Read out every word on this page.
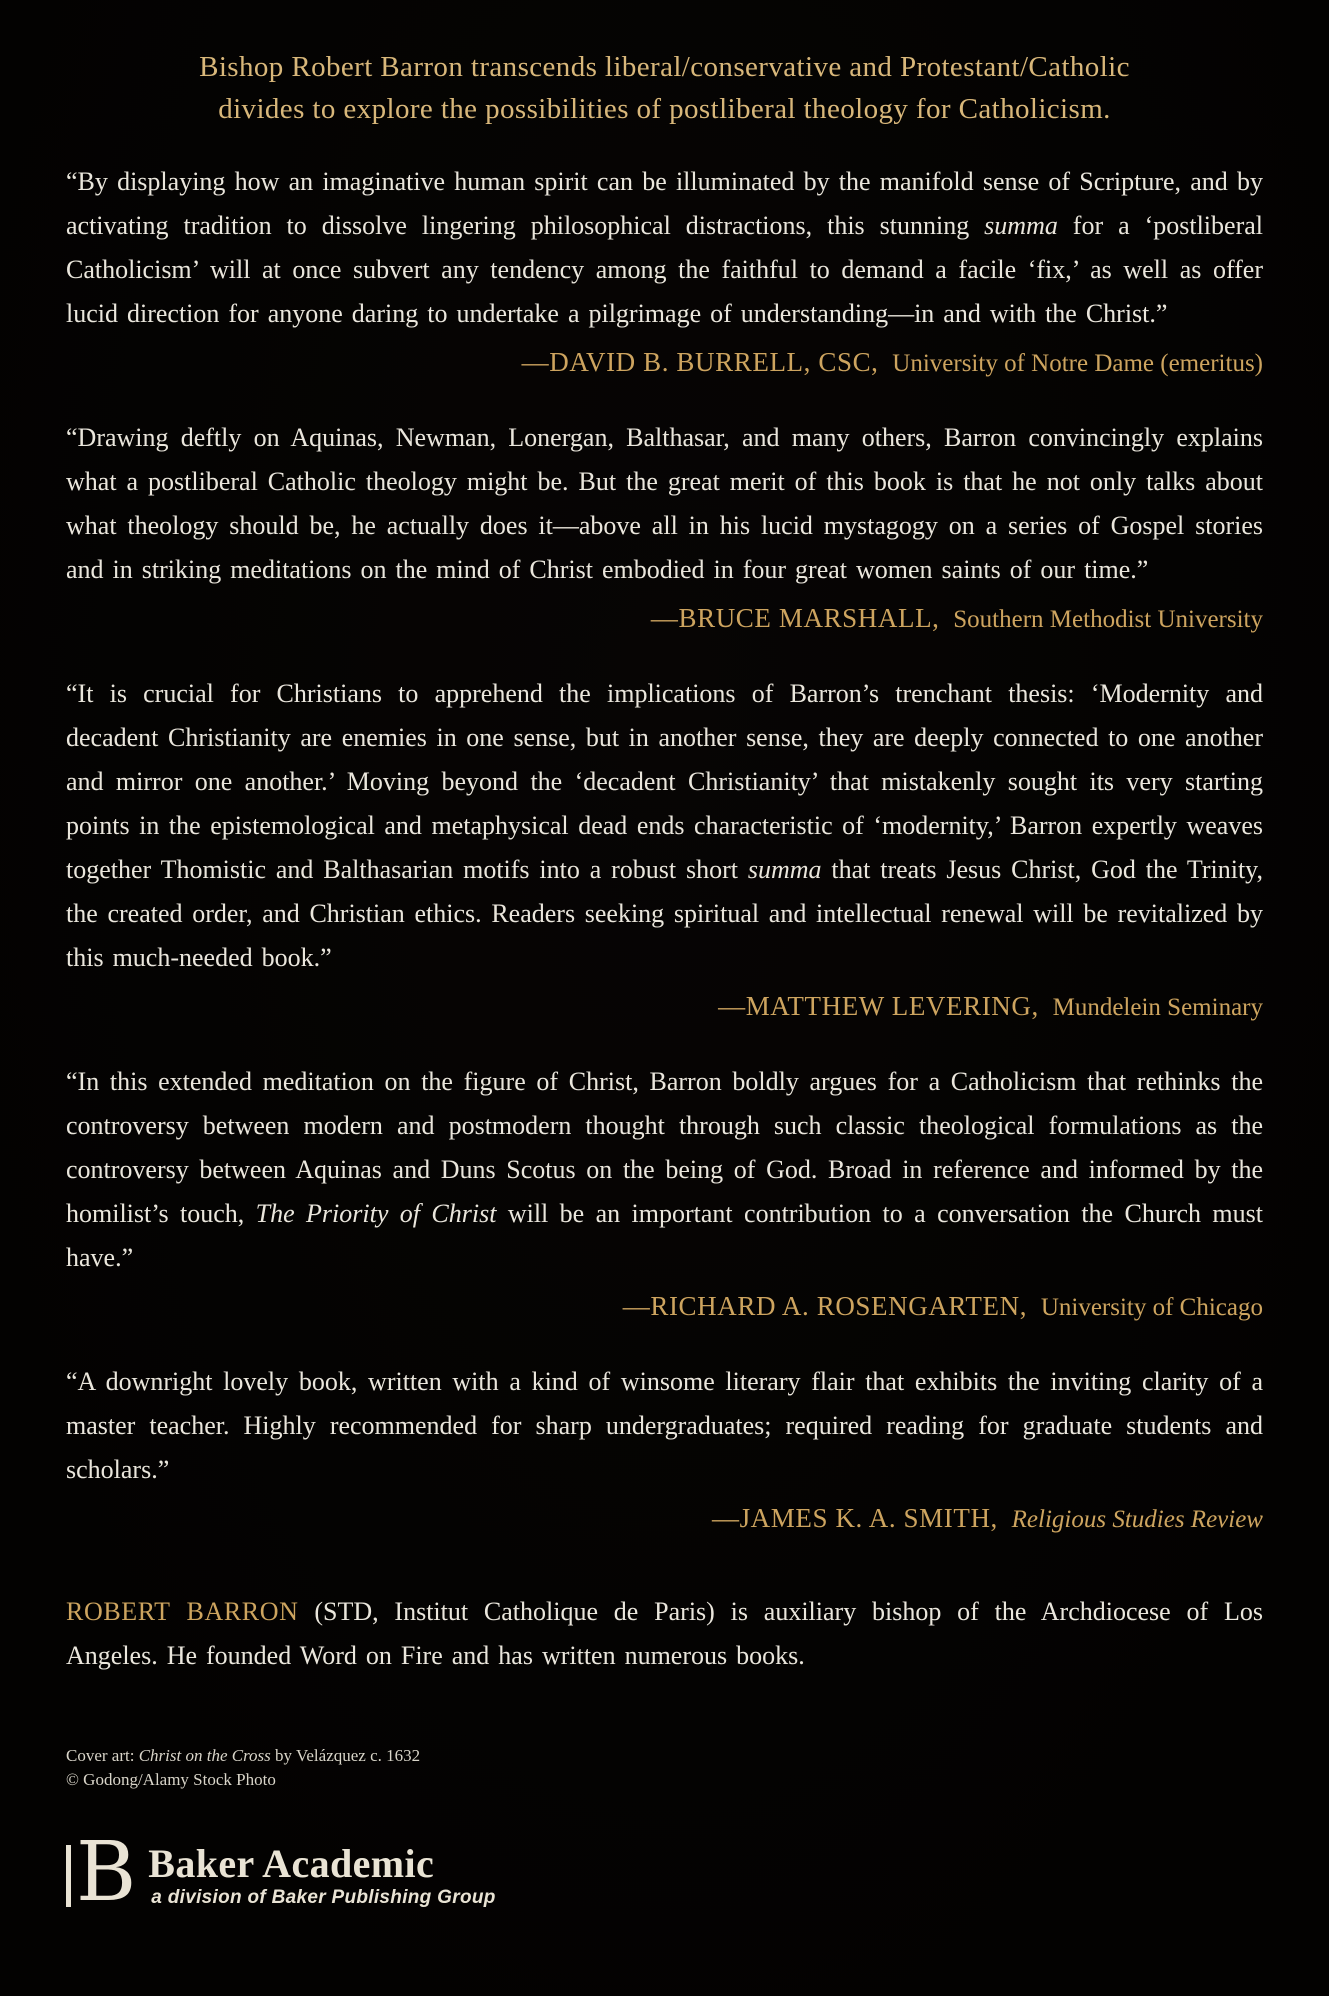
Bishop Robert Barron transcends liberal/conservative and Protestant/Catholic
divides to explore the possibilities of postliberal theology for Catholicism.

“By displaying how an imaginative human spirit can be illuminated by the manifold sense of Scripture, and by activating tradition to dissolve lingering philosophical distractions, this stunning summa for a ‘postliberal Catholicism’ will at once subvert any tendency among the faithful to demand a facile ‘fix,’ as well as offer lucid direction for anyone daring to undertake a pilgrimage of understanding—in and with the Christ.”

—DAVID B. BURRELL, CSC, University of Notre Dame (emeritus)

“Drawing deftly on Aquinas, Newman, Lonergan, Balthasar, and many others, Barron convincingly explains what a postliberal Catholic theology might be. But the great merit of this book is that he not only talks about what theology should be, he actually does it—above all in his lucid mystagogy on a series of Gospel stories and in striking meditations on the mind of Christ embodied in four great women saints of our time.”

—BRUCE MARSHALL, Southern Methodist University

“It is crucial for Christians to apprehend the implications of Barron’s trenchant thesis: ‘Modernity and decadent Christianity are enemies in one sense, but in another sense, they are deeply connected to one another and mirror one another.’ Moving beyond the ‘decadent Christianity’ that mistakenly sought its very starting points in the epistemological and metaphysical dead ends characteristic of ‘modernity,’ Barron expertly weaves together Thomistic and Balthasarian motifs into a robust short summa that treats Jesus Christ, God the Trinity, the created order, and Christian ethics. Readers seeking spiritual and intellectual renewal will be revitalized by this much-needed book.”

—MATTHEW LEVERING, Mundelein Seminary

“In this extended meditation on the figure of Christ, Barron boldly argues for a Catholicism that rethinks the controversy between modern and postmodern thought through such classic theological formulations as the controversy between Aquinas and Duns Scotus on the being of God. Broad in reference and informed by the homilist’s touch, The Priority of Christ will be an important contribution to a conversation the Church must have.”

—RICHARD A. ROSENGARTEN, University of Chicago

“A downright lovely book, written with a kind of winsome literary flair that exhibits the inviting clarity of a master teacher. Highly recommended for sharp undergraduates; required reading for graduate students and scholars.”

—JAMES K. A. SMITH, Religious Studies Review

ROBERT BARRON (STD, Institut Catholique de Paris) is auxiliary bishop of the Archdiocese of Los Angeles. He founded Word on Fire and has written numerous books.

Cover art: Christ on the Cross by Velázquez c. 1632
© Godong/Alamy Stock Photo
B Baker Academic
a division of Baker Publishing Group
